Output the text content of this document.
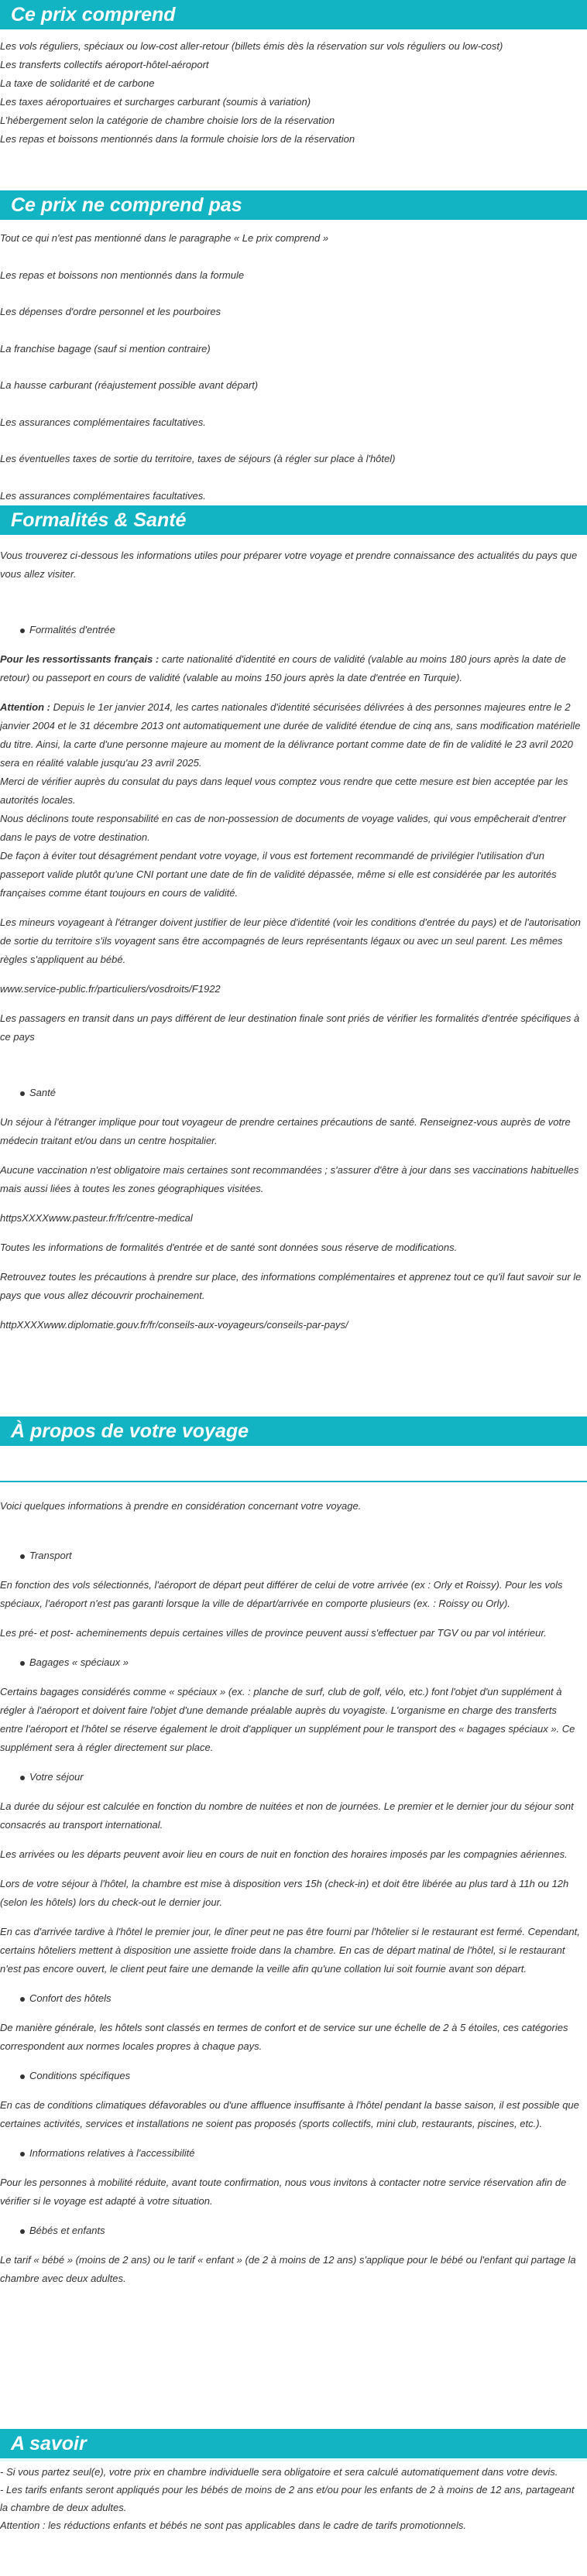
Ce prix comprend

Les vols réguliers, spéciaux ou low-cost aller-retour (billets émis dès la réservation sur vols réguliers ou low-cost)

Les transferts collectifs aéroport-hôtel-aéroport

La taxe de solidarité et de carbone

Les taxes aéroportuaires et surcharges carburant (soumis à variation)

L’hébergement selon la catégorie de chambre choisie lors de la réservation

Les repas et boissons mentionnés dans la formule choisie lors de la réservation

Ce prix ne comprend pas

Tout ce qui n'est pas mentionné dans le paragraphe « Le prix comprend »

Les repas et boissons non mentionnés dans la formule

Les dépenses d'ordre personnel et les pourboires

La franchise bagage (sauf si mention contraire)

La hausse carburant (réajustement possible avant départ)

Les assurances complémentaires facultatives.

Les éventuelles taxes de sortie du territoire, taxes de séjours (à régler sur place à l'hôtel)

Les assurances complémentaires facultatives.

Formalités & Santé

Vous trouverez ci-dessous les informations utiles pour préparer votre voyage et prendre connaissance des actualités du pays que vous allez visiter.

Formalités d'entrée

Pour les ressortissants français : carte nationalité d'identité en cours de validité (valable au moins 180 jours après la date de retour) ou passeport en cours de validité (valable au moins 150 jours après la date d'entrée en Turquie).

Attention : Depuis le 1er janvier 2014, les cartes nationales d'identité sécurisées délivrées à des personnes majeures entre le 2 janvier 2004 et le 31 décembre 2013 ont automatiquement une durée de validité étendue de cinq ans, sans modification matérielle du titre. Ainsi, la carte d'une personne majeure au moment de la délivrance portant comme date de fin de validité le 23 avril 2020 sera en réalité valable jusqu'au 23 avril 2025.

Merci de vérifier auprès du consulat du pays dans lequel vous comptez vous rendre que cette mesure est bien acceptée par les autorités locales.

Nous déclinons toute responsabilité en cas de non-possession de documents de voyage valides, qui vous empêcherait d'entrer dans le pays de votre destination.

De façon à éviter tout désagrément pendant votre voyage, il vous est fortement recommandé de privilégier l'utilisation d'un passeport valide plutôt qu'une CNI portant une date de fin de validité dépassée, même si elle est considérée par les autorités françaises comme étant toujours en cours de validité.

Les mineurs voyageant à l'étranger doivent justifier de leur pièce d'identité (voir les conditions d'entrée du pays) et de l'autorisation de sortie du territoire s'ils voyagent sans être accompagnés de leurs représentants légaux ou avec un seul parent. Les mêmes règles s'appliquent au bébé.

www.service-public.fr/particuliers/vosdroits/F1922

Les passagers en transit dans un pays différent de leur destination finale sont priés de vérifier les formalités d'entrée spécifiques à ce pays

Santé

Un séjour à l'étranger implique pour tout voyageur de prendre certaines précautions de santé. Renseignez-vous auprès de votre médecin traitant et/ou dans un centre hospitalier.

Aucune vaccination n'est obligatoire mais certaines sont recommandées ; s'assurer d'être à jour dans ses vaccinations habituelles mais aussi liées à toutes les zones géographiques visitées.

httpsXXXXwww.pasteur.fr/fr/centre-medical

Toutes les informations de formalités d'entrée et de santé sont données sous réserve de modifications.

Retrouvez toutes les précautions à prendre sur place, des informations complémentaires et apprenez tout ce qu'il faut savoir sur le pays que vous allez découvrir prochainement.

httpXXXXwww.diplomatie.gouv.fr/fr/conseils-aux-voyageurs/conseils-par-pays/

À propos de votre voyage

Voici quelques informations à prendre en considération concernant votre voyage.

Transport

En fonction des vols sélectionnés, l'aéroport de départ peut différer de celui de votre arrivée (ex : Orly et Roissy). Pour les vols spéciaux, l'aéroport n'est pas garanti lorsque la ville de départ/arrivée en comporte plusieurs (ex. : Roissy ou Orly).

Les pré- et post- acheminements depuis certaines villes de province peuvent aussi s'effectuer par TGV ou par vol intérieur.

Bagages « spéciaux »

Certains bagages considérés comme « spéciaux » (ex. : planche de surf, club de golf, vélo, etc.) font l'objet d'un supplément à régler à l'aéroport et doivent faire l'objet d'une demande préalable auprès du voyagiste. L'organisme en charge des transferts entre l'aéroport et l'hôtel se réserve également le droit d'appliquer un supplément pour le transport des « bagages spéciaux ». Ce supplément sera à régler directement sur place.

Votre séjour

La durée du séjour est calculée en fonction du nombre de nuitées et non de journées. Le premier et le dernier jour du séjour sont consacrés au transport international.

Les arrivées ou les départs peuvent avoir lieu en cours de nuit en fonction des horaires imposés par les compagnies aériennes.

Lors de votre séjour à l'hôtel, la chambre est mise à disposition vers 15h (check-in) et doit être libérée au plus tard à 11h ou 12h (selon les hôtels) lors du check-out le dernier jour.

En cas d'arrivée tardive à l'hôtel le premier jour, le dîner peut ne pas être fourni par l'hôtelier si le restaurant est fermé. Cependant, certains hôteliers mettent à disposition une assiette froide dans la chambre. En cas de départ matinal de l'hôtel, si le restaurant n'est pas encore ouvert, le client peut faire une demande la veille afin qu'une collation lui soit fournie avant son départ.

Confort des hôtels

De manière générale, les hôtels sont classés en termes de confort et de service sur une échelle de 2 à 5 étoiles, ces catégories correspondent aux normes locales propres à chaque pays.

Conditions spécifiques

En cas de conditions climatiques défavorables ou d'une affluence insuffisante à l'hôtel pendant la basse saison, il est possible que certaines activités, services et installations ne soient pas proposés (sports collectifs, mini club, restaurants, piscines, etc.).

Informations relatives à l'accessibilité

Pour les personnes à mobilité réduite, avant toute confirmation, nous vous invitons à contacter notre service réservation afin de vérifier si le voyage est adapté à votre situation.

Bébés et enfants

Le tarif « bébé » (moins de 2 ans) ou le tarif « enfant » (de 2 à moins de 12 ans) s'applique pour le bébé ou l'enfant qui partage la chambre avec deux adultes.

A savoir

- Si vous partez seul(e), votre prix en chambre individuelle sera obligatoire et sera calculé automatiquement dans votre devis.

- Les tarifs enfants seront appliqués pour les bébés de moins de 2 ans et/ou pour les enfants de 2 à moins de 12 ans, partageant la chambre de deux adultes.

Attention : les réductions enfants et bébés ne sont pas applicables dans le cadre de tarifs promotionnels.
